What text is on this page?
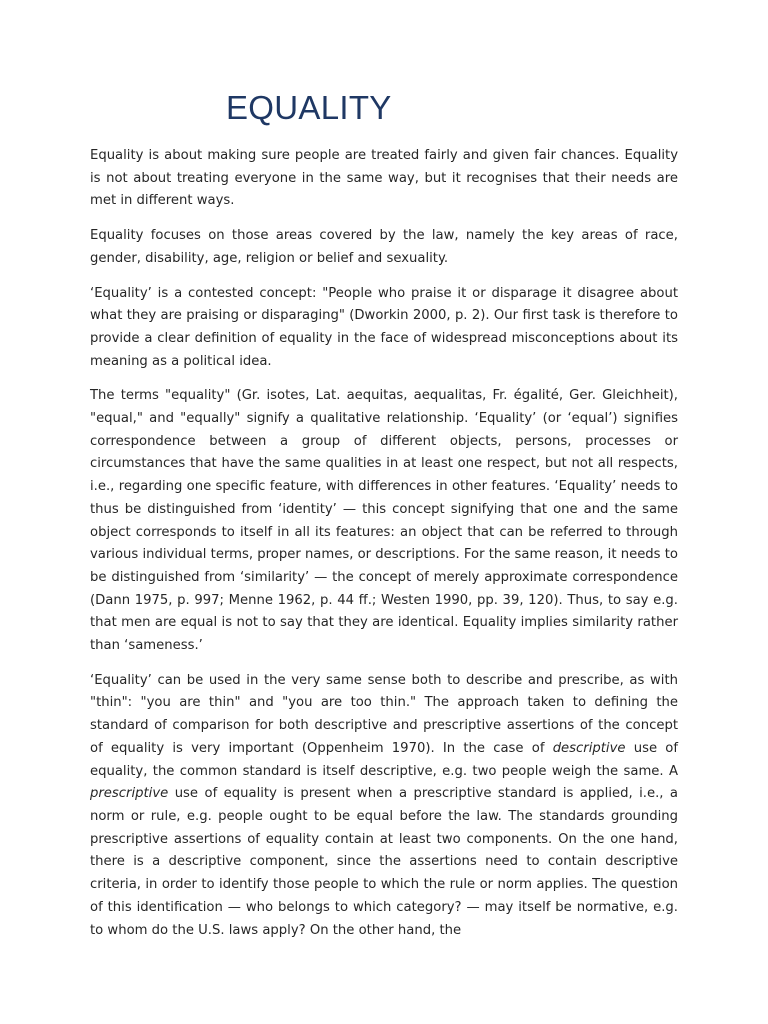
EQUALITY

Equality is about making sure people are treated fairly and given fair chances. Equality is not about treating everyone in the same way, but it recognises that their needs are met in different ways.

Equality focuses on those areas covered by the law, namely the key areas of race, gender, disability, age, religion or belief and sexuality.

‘Equality’ is a contested concept: "People who praise it or disparage it disagree about what they are praising or disparaging" (Dworkin 2000, p. 2). Our first task is therefore to provide a clear definition of equality in the face of widespread misconceptions about its meaning as a political idea.

The terms "equality" (Gr. isotes, Lat. aequitas, aequalitas, Fr. égalité, Ger. Gleichheit), "equal," and "equally" signify a qualitative relationship. ‘Equality’ (or ‘equal’) signifies correspondence between a group of different objects, persons, processes or circumstances that have the same qualities in at least one respect, but not all respects, i.e., regarding one specific feature, with differences in other features. ‘Equality’ needs to thus be distinguished from ‘identity’ — this concept signifying that one and the same object corresponds to itself in all its features: an object that can be referred to through various individual terms, proper names, or descriptions. For the same reason, it needs to be distinguished from ‘similarity’ — the concept of merely approximate correspondence (Dann 1975, p. 997; Menne 1962, p. 44 ff.; Westen 1990, pp. 39, 120). Thus, to say e.g. that men are equal is not to say that they are identical. Equality implies similarity rather than ‘sameness.’

‘Equality’ can be used in the very same sense both to describe and prescribe, as with "thin": "you are thin" and "you are too thin." The approach taken to defining the standard of comparison for both descriptive and prescriptive assertions of the concept of equality is very important (Oppenheim 1970). In the case of descriptive use of equality, the common standard is itself descriptive, e.g. two people weigh the same. A prescriptive use of equality is present when a prescriptive standard is applied, i.e., a norm or rule, e.g. people ought to be equal before the law. The standards grounding prescriptive assertions of equality contain at least two components. On the one hand, there is a descriptive component, since the assertions need to contain descriptive criteria, in order to identify those people to which the rule or norm applies. The question of this identification — who belongs to which category? — may itself be normative, e.g. to whom do the U.S. laws apply? On the other hand, the
